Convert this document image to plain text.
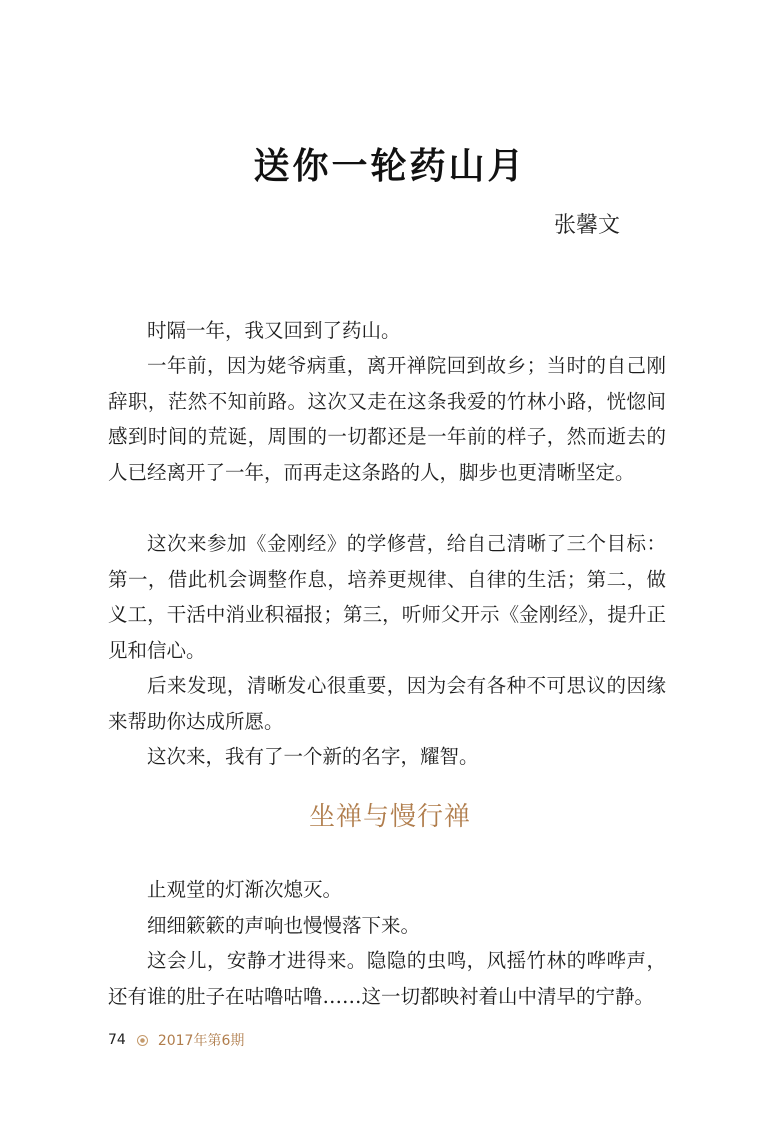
送你一轮药山月
张馨文

时隔一年，我又回到了药山。

一年前，因为姥爷病重，离开禅院回到故乡；当时的自己刚辞职，茫然不知前路。这次又走在这条我爱的竹林小路，恍惚间感到时间的荒诞，周围的一切都还是一年前的样子，然而逝去的人已经离开了一年，而再走这条路的人，脚步也更清晰坚定。

这次来参加《金刚经》的学修营，给自己清晰了三个目标：第一，借此机会调整作息，培养更规律、自律的生活；第二，做义工，干活中消业积福报；第三，听师父开示《金刚经》，提升正见和信心。

后来发现，清晰发心很重要，因为会有各种不可思议的因缘来帮助你达成所愿。

这次来，我有了一个新的名字，耀智。

坐禅与慢行禅

止观堂的灯渐次熄灭。

细细簌簌的声响也慢慢落下来。

这会儿，安静才进得来。隐隐的虫鸣，风摇竹林的哗哗声，还有谁的肚子在咕噜咕噜……这一切都映衬着山中清早的宁静。

74 2017年第6期
